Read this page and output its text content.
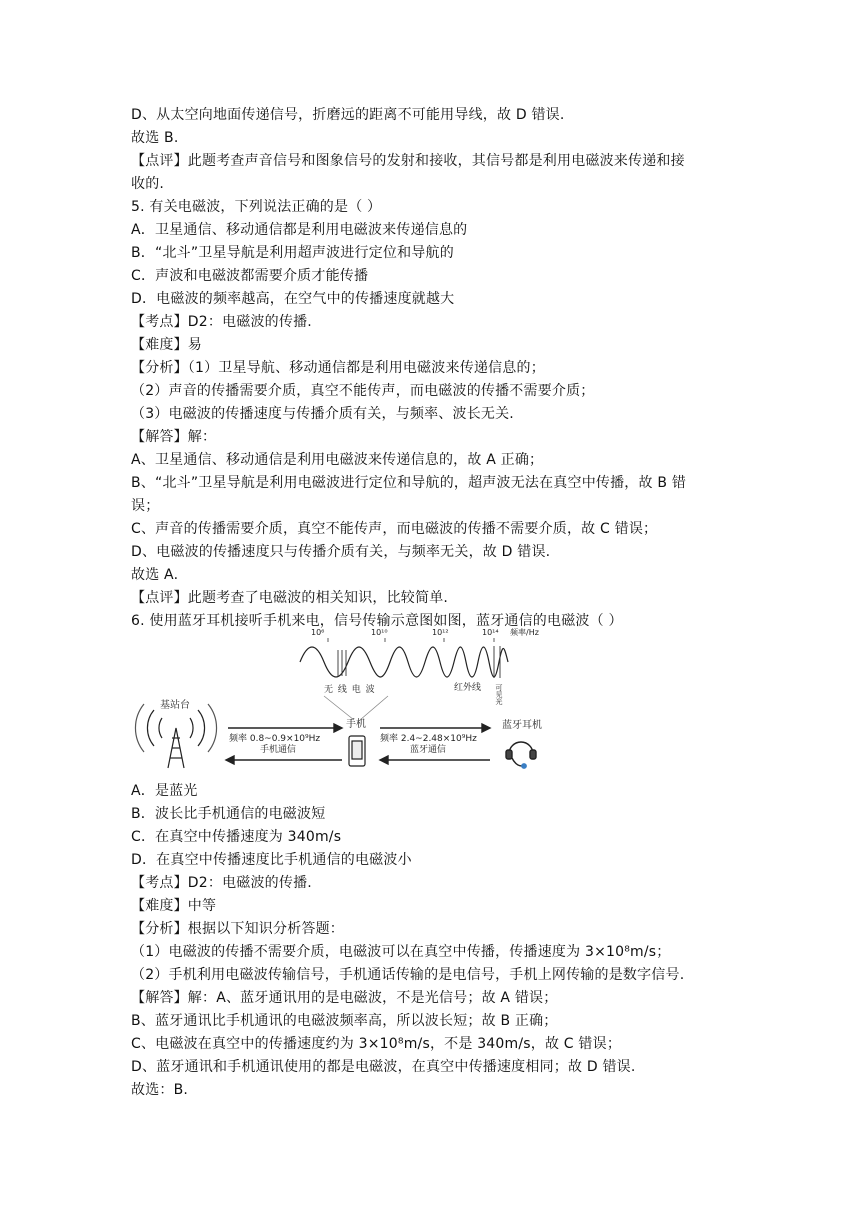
D、从太空向地面传递信号，折磨远的距离不可能用导线，故 D 错误.
故选 B.
【点评】此题考查声音信号和图象信号的发射和接收，其信号都是利用电磁波来传递和接
收的.
5. 有关电磁波，下列说法正确的是（ ）
A．卫星通信、移动通信都是利用电磁波来传递信息的
B．“北斗”卫星导航是利用超声波进行定位和导航的
C．声波和电磁波都需要介质才能传播
D．电磁波的频率越高，在空气中的传播速度就越大
【考点】D2：电磁波的传播.
【难度】易
【分析】（1）卫星导航、移动通信都是利用电磁波来传递信息的；
（2）声音的传播需要介质，真空不能传声，而电磁波的传播不需要介质；
（3）电磁波的传播速度与传播介质有关，与频率、波长无关.
【解答】解：
A、卫星通信、移动通信是利用电磁波来传递信息的，故 A 正确；
B、“北斗”卫星导航是利用电磁波进行定位和导航的，超声波无法在真空中传播，故 B 错
误；
C、声音的传播需要介质，真空不能传声，而电磁波的传播不需要介质，故 C 错误；
D、电磁波的传播速度只与传播介质有关，与频率无关，故 D 错误.
故选 A.
【点评】此题考查了电磁波的相关知识，比较简单.
6. 使用蓝牙耳机接听手机来电，信号传输示意图如图，蓝牙通信的电磁波（ ）
10⁶	10¹⁰	10¹²	10¹⁴ 频率/Hz
无 线 电 波	红外线 可见光
基站台
手机	蓝牙耳机
频率 0.8~0.9×10⁹Hz
手机通信
频率 2.4~2.48×10⁹Hz
蓝牙通信
A．是蓝光
B．波长比手机通信的电磁波短
C．在真空中传播速度为 340m/s
D．在真空中传播速度比手机通信的电磁波小
【考点】D2：电磁波的传播.
【难度】中等
【分析】根据以下知识分析答题：
（1）电磁波的传播不需要介质，电磁波可以在真空中传播，传播速度为 3×10⁸m/s；
（2）手机利用电磁波传输信号，手机通话传输的是电信号，手机上网传输的是数字信号.
【解答】解：A、蓝牙通讯用的是电磁波，不是光信号；故 A 错误；
B、蓝牙通讯比手机通讯的电磁波频率高，所以波长短；故 B 正确；
C、电磁波在真空中的传播速度约为 3×10⁸m/s，不是 340m/s，故 C 错误；
D、蓝牙通讯和手机通讯使用的都是电磁波，在真空中传播速度相同；故 D 错误.
故选：B.
